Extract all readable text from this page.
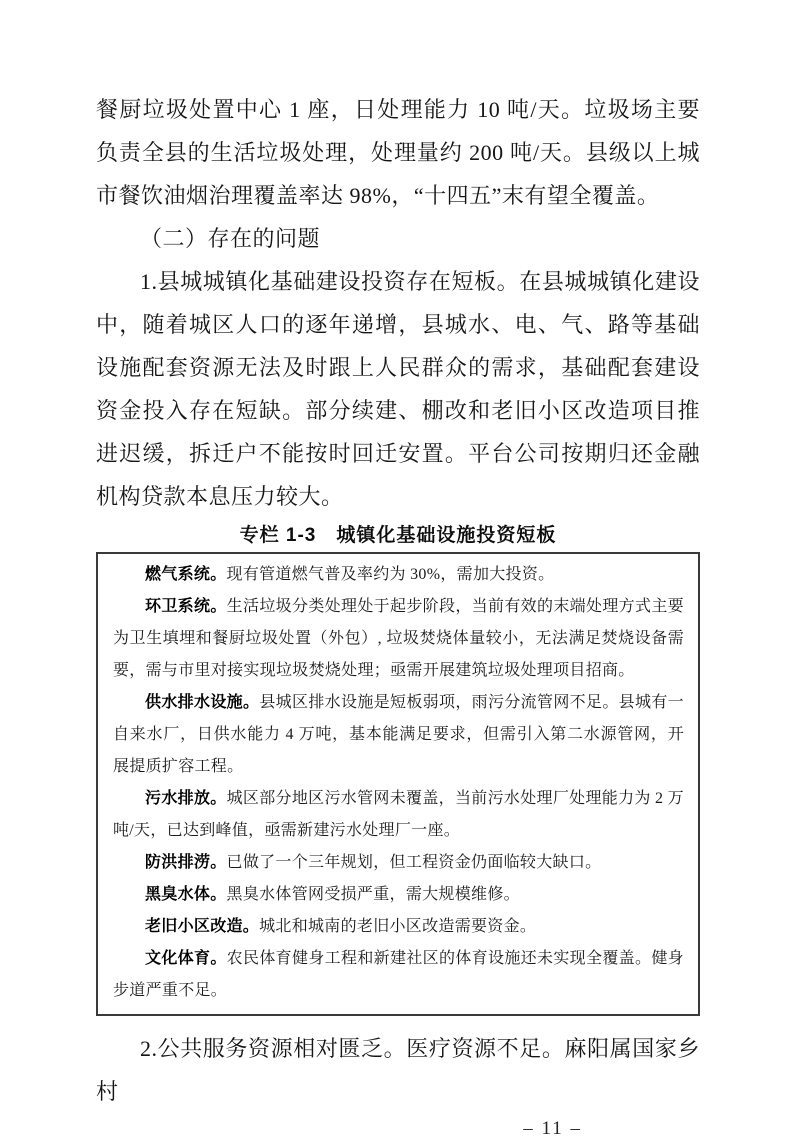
餐厨垃圾处置中心 1 座，日处理能力 10 吨/天。垃圾场主要负责全县的生活垃圾处理，处理量约 200 吨/天。县级以上城市餐饮油烟治理覆盖率达 98%，“十四五”末有望全覆盖。

（二）存在的问题

1.县城城镇化基础建设投资存在短板。在县城城镇化建设中，随着城区人口的逐年递增，县城水、电、气、路等基础设施配套资源无法及时跟上人民群众的需求，基础配套建设资金投入存在短缺。部分续建、棚改和老旧小区改造项目推进迟缓，拆迁户不能按时回迁安置。平台公司按期归还金融机构贷款本息压力较大。

专栏 1-3　城镇化基础设施投资短板

燃气系统。现有管道燃气普及率约为 30%，需加大投资。

环卫系统。生活垃圾分类处理处于起步阶段，当前有效的末端处理方式主要为卫生填埋和餐厨垃圾处置（外包）, 垃圾焚烧体量较小，无法满足焚烧设备需要，需与市里对接实现垃圾焚烧处理；亟需开展建筑垃圾处理项目招商。

供水排水设施。县城区排水设施是短板弱项，雨污分流管网不足。县城有一自来水厂，日供水能力 4 万吨，基本能满足要求，但需引入第二水源管网，开展提质扩容工程。

污水排放。城区部分地区污水管网未覆盖，当前污水处理厂处理能力为 2 万吨/天，已达到峰值，亟需新建污水处理厂一座。

防洪排涝。已做了一个三年规划，但工程资金仍面临较大缺口。

黑臭水体。黑臭水体管网受损严重，需大规模维修。

老旧小区改造。城北和城南的老旧小区改造需要资金。

文化体育。农民体育健身工程和新建社区的体育设施还未实现全覆盖。健身步道严重不足。

2.公共服务资源相对匮乏。医疗资源不足。麻阳属国家乡村

– 11 –
